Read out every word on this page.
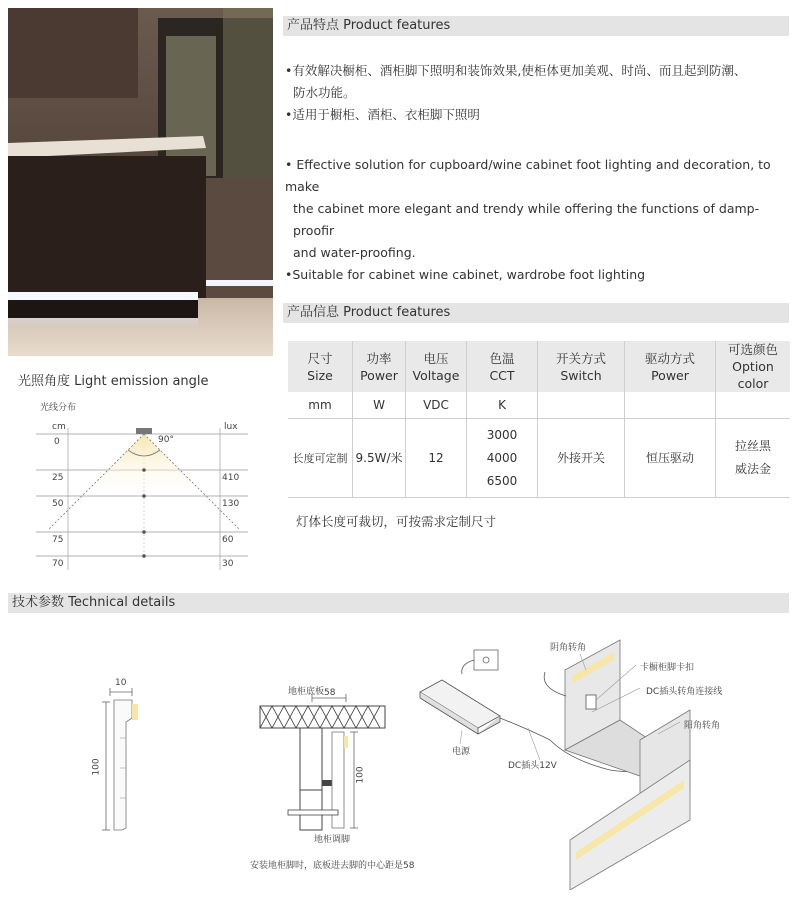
产品特点 Product features

•有效解决橱柜、酒柜脚下照明和装饰效果,使柜体更加美观、时尚、而且起到防潮、

防水功能。

•适用于橱柜、酒柜、衣柜脚下照明

• Effective solution for cupboard/wine cabinet foot lighting and decoration, to make

the cabinet more elegant and trendy while offering the functions of damp-proofir

and water-proofing.

•Suitable for cabinet wine cabinet, wardrobe foot lighting

产品信息 Product features
尺寸
Size	功率
Power	电压
Voltage	色温
CCT	开关方式
Switch	驱动方式
Power	可选颜色
Option color
mm	W	VDC	K			
长度可定制	9.5W/米	12	3000
4000
6500	外接开关	恒压驱动	拉丝黑
威法金
灯体长度可裁切，可按需求定制尺寸
光照角度 Light emission angle
光线分布
cm	lux
90°
0
25
50
75
70
410
130
60
30
技术参数 Technical details
10
100
地柜底板 58
100
地柜调脚
安装地柜脚时，底板进去脚的中心距是58
阴角转角
卡橱柜脚卡扣
DC插头转角连接线
阳角转角
电源
DC插头12V
